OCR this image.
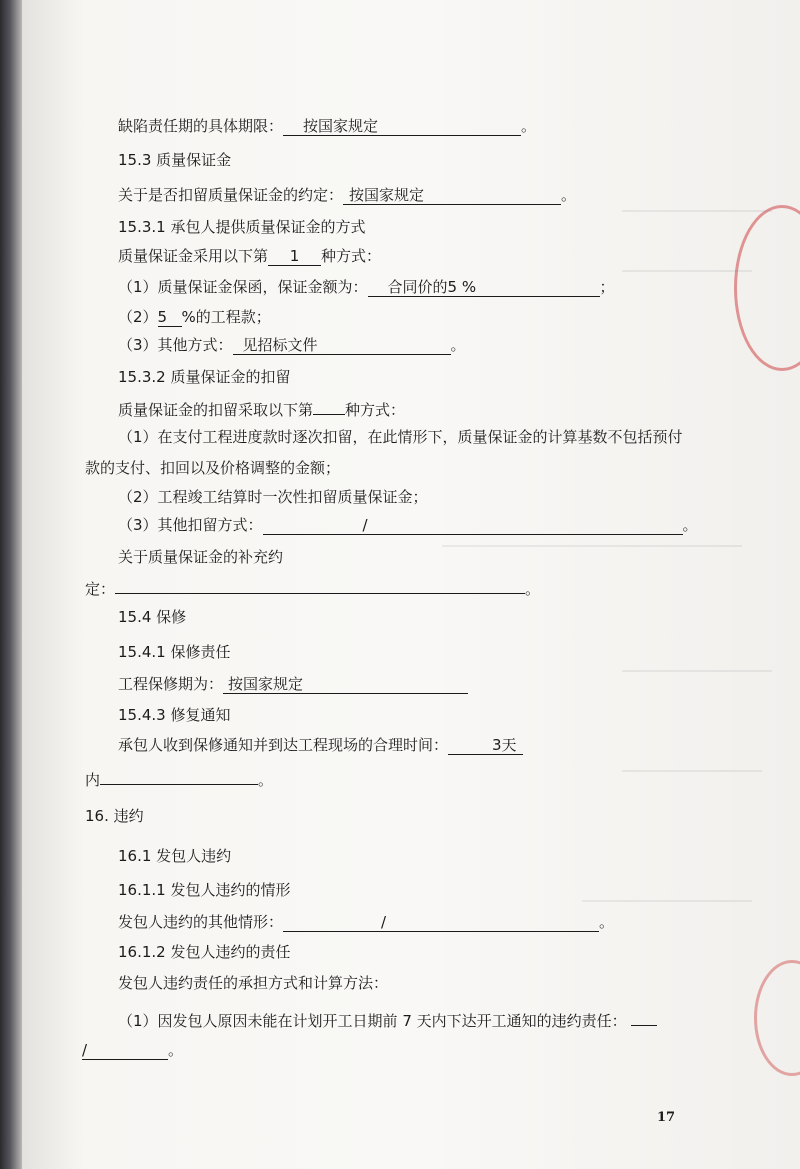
缺陷责任期的具体期限： 按国家规定	。
15.3 质量保证金
关于是否扣留质量保证金的约定： 按国家规定	。
15.3.1 承包人提供质量保证金的方式
质量保证金采用以下第 1 种方式：
（1）质量保证金保函，保证金额为： 合同价的5 %	；
（2）5 %的工程款；
（3）其他方式： 见招标文件	。
15.3.2 质量保证金的扣留
质量保证金的扣留采取以下第 种方式：
（1）在支付工程进度款时逐次扣留，在此情形下，质量保证金的计算基数不包括预付
款的支付、扣回以及价格调整的金额；
（2）工程竣工结算时一次性扣留质量保证金；
（3）其他扣留方式：	/	。
关于质量保证金的补充约
定：	。
15.4 保修
15.4.1 保修责任
工程保修期为： 按国家规定
15.4.3 修复通知
承包人收到保修通知并到达工程现场的合理时间：	3天
内	。
16. 违约
16.1 发包人违约
16.1.1 发包人违约的情形
发包人违约的其他情形：	/	。
16.1.2 发包人违约的责任
发包人违约责任的承担方式和计算方法：
（1）因发包人原因未能在计划开工日期前 7 天内下达开工通知的违约责任：
/	。
17
